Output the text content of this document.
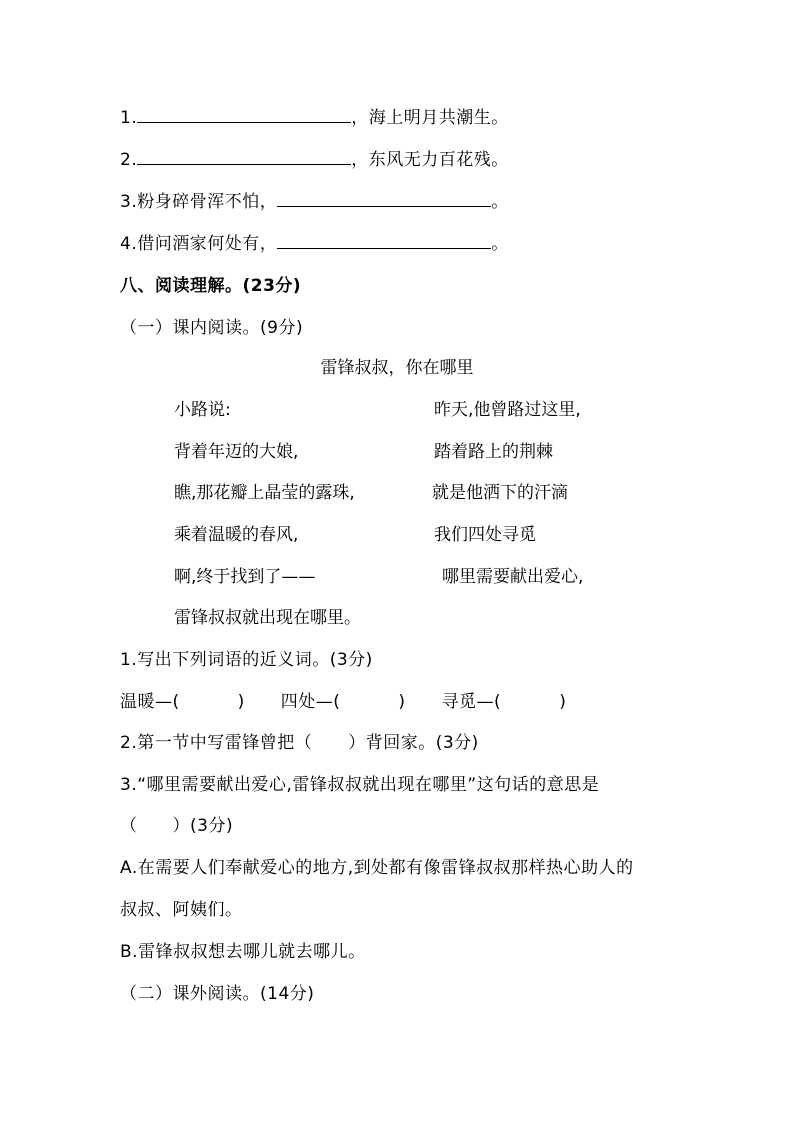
1.	，海上明月共潮生。
2.	，东风无力百花残。
3.粉身碎骨浑不怕，	。
4.借问酒家何处有，	。
八、阅读理解。(23分)
（一）课内阅读。(9分)
雷锋叔叔，你在哪里
小路说:	昨天,他曾路过这里,
背着年迈的大娘,	踏着路上的荆棘
瞧,那花瓣上晶莹的露珠,	就是他洒下的汗滴
乘着温暖的春风,	我们四处寻觅
啊,终于找到了——	哪里需要献出爱心,
雷锋叔叔就出现在哪里。
1.写出下列词语的近义词。(3分)
温暖—(	) 四处—(	) 寻觅—(	)
2.第一节中写雷锋曾把（ ）背回家。(3分)
3.“哪里需要献出爱心,雷锋叔叔就出现在哪里”这句话的意思是
（　　）(3分)
A.在需要人们奉献爱心的地方,到处都有像雷锋叔叔那样热心助人的
叔叔、阿姨们。
B.雷锋叔叔想去哪儿就去哪儿。
（二）课外阅读。(14分)
